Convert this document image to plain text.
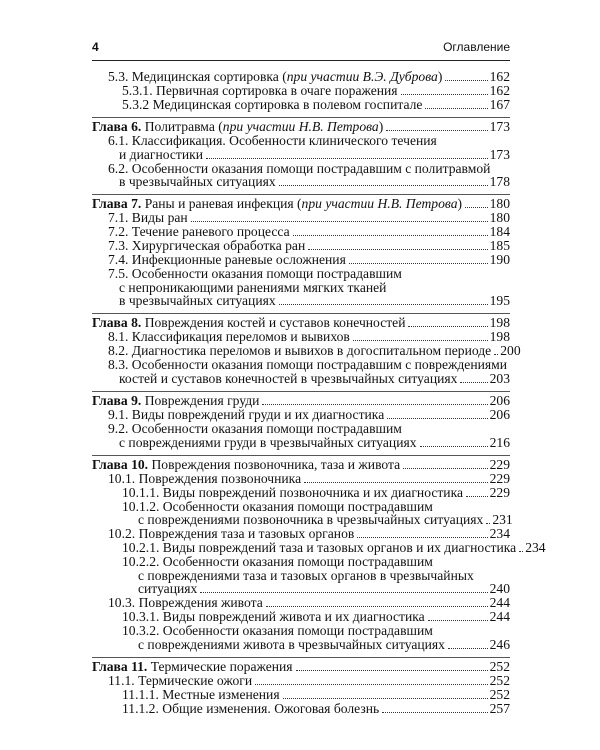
4	Оглавление
5.3. Медицинская сортировка (при участии В.Э. Дуброва)	162
5.3.1. Первичная сортировка в очаге поражения	162
5.3.2 Медицинская сортировка в полевом госпитале	167
Глава 6. Политравма (при участии Н.В. Петрова)	173
6.1. Классификация. Особенности клинического течения
и диагностики	173
6.2. Особенности оказания помощи пострадавшим с политравмой
в чрезвычайных ситуациях	178
Глава 7. Раны и раневая инфекция (при участии Н.В. Петрова) 180
7.1. Виды ран	180
7.2. Течение раневого процесса	184
7.3. Хирургическая обработка ран	185
7.4. Инфекционные раневые осложнения	190
7.5. Особенности оказания помощи пострадавшим
с непроникающими ранениями мягких тканей
в чрезвычайных ситуациях	195
Глава 8. Повреждения костей и суставов конечностей	198
8.1. Классификация переломов и вывихов	198
8.2. Диагностика переломов и вывихов в догоспитальном периоде 200
8.3. Особенности оказания помощи пострадавшим с повреждениями
костей и суставов конечностей в чрезвычайных ситуациях 203
Глава 9. Повреждения груди	206
9.1. Виды повреждений груди и их диагностика	206
9.2. Особенности оказания помощи пострадавшим
с повреждениями груди в чрезвычайных ситуациях	216
Глава 10. Повреждения позвоночника, таза и живота	229
10.1. Повреждения позвоночника	229
10.1.1. Виды повреждений позвоночника и их диагностика 229
10.1.2. Особенности оказания помощи пострадавшим
с повреждениями позвоночника в чрезвычайных ситуациях 231
10.2. Повреждения таза и тазовых органов	234
10.2.1. Виды повреждений таза и тазовых органов и их диагностика 234
10.2.2. Особенности оказания помощи пострадавшим
с повреждениями таза и тазовых органов в чрезвычайных
ситуациях	240
10.3. Повреждения живота	244
10.3.1. Виды повреждений живота и их диагностика	244
10.3.2. Особенности оказания помощи пострадавшим
с повреждениями живота в чрезвычайных ситуациях	246
Глава 11. Термические поражения	252
11.1. Термические ожоги	252
11.1.1. Местные изменения	252
11.1.2. Общие изменения. Ожоговая болезнь	257
